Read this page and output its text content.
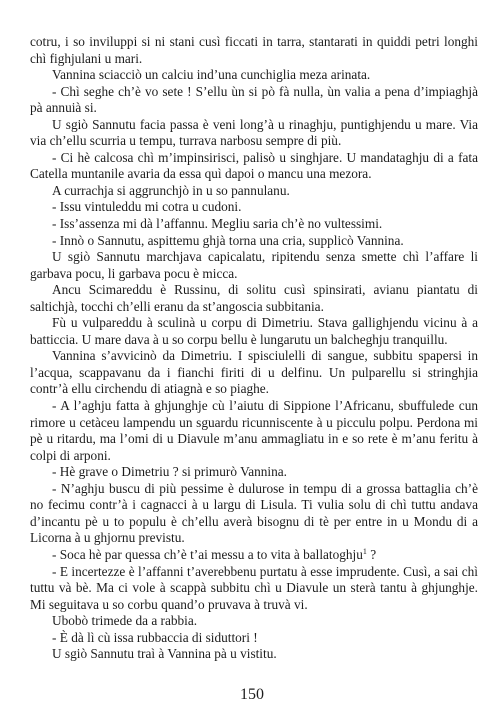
cotru, i so inviluppi si ni stani cusì ficcati in tarra, stantarati in quiddi petri longhi chì fighjulani u mari.

Vannina sciacciò un calciu ind’una cunchiglia meza arinata.

- Chì seghe ch’è vo sete ! S’ellu ùn si pò fà nulla, ùn valia a pena d’impiaghjà pà annuià si.

U sgiò Sannutu facia passa è veni long’à u rinaghju, puntighjendu u mare. Via via ch’ellu scurria u tempu, turrava narbosu sempre di più.

- Ci hè calcosa chì m’impinsirisci, palisò u singhjare. U mandataghju di a fata Catella muntanile avaria da essa quì dapoi o mancu una mezora.

A currachja si aggrunchjò in u so pannulanu.

- Issu vintuleddu mi cotra u cudoni.

- Iss’assenza mi dà l’affannu. Megliu saria ch’è no vultessimi.

- Innò o Sannutu, aspittemu ghjà torna una cria, supplicò Vannina.

U sgiò Sannutu marchjava capicalatu, ripitendu senza smette chì l’affare li garbava pocu, li garbava pocu è micca.

Ancu Scimareddu è Russinu, di solitu cusì spinsirati, avianu piantatu di saltichjà, tocchi ch’elli eranu da st’angoscia subbitania.

Fù u vulpareddu à sculinà u corpu di Dimetriu. Stava gallighjendu vicinu à a batticcia. U mare dava à u so corpu bellu è lungarutu un balcheghju tranquillu.

Vannina s’avvicinò da Dimetriu. I spisciulelli di sangue, subbitu spapersi in l’acqua, scappavanu da i fianchi firiti di u delfinu. Un pulparellu si stringhjia contr’à ellu circhendu di atiagnà e so piaghe.

- A l’aghju fatta à ghjunghje cù l’aiutu di Sippione l’Africanu, sbuffulede cun rimore u cetàceu lampendu un sguardu ricunniscente à u picculu polpu. Perdona mi pè u ritardu, ma l’omi di u Diavule m’anu ammagliatu in e so rete è m’anu feritu à colpi di arponi.

- Hè grave o Dimetriu ? si primurò Vannina.

- N’aghju buscu di più pessime è dulurose in tempu di a grossa battaglia ch’è no fecimu contr’à i cagnacci à u largu di Lisula. Ti vulia solu di chì tuttu andava d’incantu pè u to populu è ch’ellu averà bisognu di tè per entre in u Mondu di a Licorna à u ghjornu previstu.

- Soca hè par quessa ch’è t’ai messu a to vita à ballatoghju$^1$ ?

- E incertezze è l’affanni t’averebbenu purtatu à esse imprudente. Cusì, a sai chì tuttu và bè. Ma ci vole à scappà subbitu chì u Diavule un sterà tantu à ghjunghje. Mi seguitava u so corbu quand’o pruvava à truvà vi.

Ubobò trimede da a rabbia.

- È dà lì cù issa rubbaccia di siduttori !

U sgiò Sannutu traì à Vannina pà u vistitu.

150
